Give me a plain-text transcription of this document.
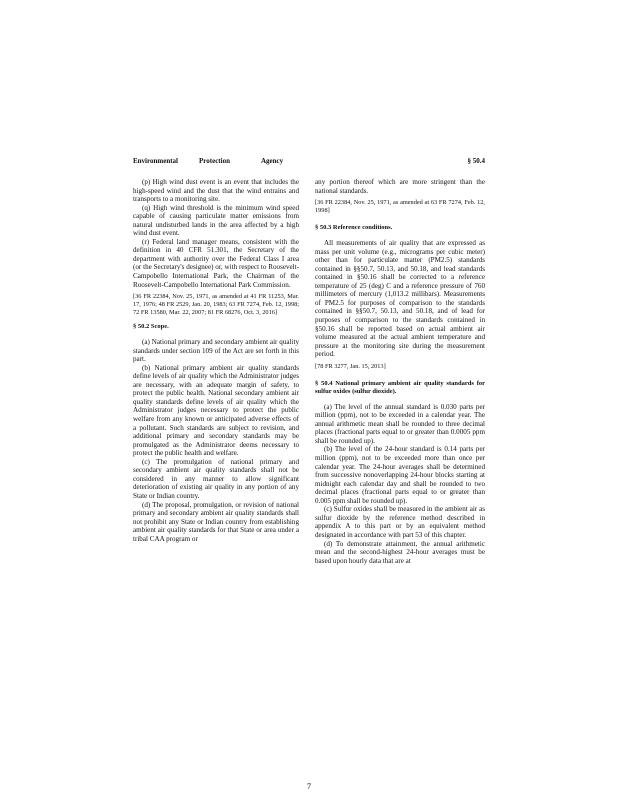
Environmental	Protection	Agency	§ 50.4

(p) High wind dust event is an event that includes the high-speed wind and the dust that the wind entrains and transports to a monitoring site.

(q) High wind threshold is the minimum wind speed capable of causing particulate matter emissions from natural undisturbed lands in the area affected by a high wind dust event.

(r) Federal land manager means, consistent with the definition in 40 CFR 51.301, the Secretary of the department with authority over the Federal Class I area (or the Secretary's designee) or, with respect to Roosevelt-Campobello International Park, the Chairman of the Roosevelt-Campobello International Park Commission.

[36 FR 22384, Nov. 25, 1971, as amended at 41 FR 11253, Mar. 17, 1976; 48 FR 2529, Jan. 20, 1983; 63 FR 7274, Feb. 12, 1998; 72 FR 13580, Mar. 22, 2007; 81 FR 68276, Oct. 3, 2016]

§ 50.2 Scope.

(a) National primary and secondary ambient air quality standards under section 109 of the Act are set forth in this part.

(b) National primary ambient air quality standards define levels of air quality which the Administrator judges are necessary, with an adequate margin of safety, to protect the public health. National secondary ambient air quality standards define levels of air quality which the Administrator judges necessary to protect the public welfare from any known or anticipated adverse effects of a pollutant. Such standards are subject to revision, and additional primary and secondary standards may be promulgated as the Administrator deems necessary to protect the public health and welfare.

(c) The promulgation of national primary and secondary ambient air quality standards shall not be considered in any manner to allow significant deterioration of existing air quality in any portion of any State or Indian country.

(d) The proposal, promulgation, or revision of national primary and secondary ambient air quality standards shall not prohibit any State or Indian country from establishing ambient air quality standards for that State or area under a tribal CAA program or

any portion thereof which are more stringent than the national standards.

[36 FR 22384, Nov. 25, 1971, as amended at 63 FR 7274, Feb. 12, 1998]

§ 50.3 Reference conditions.

All measurements of air quality that are expressed as mass per unit volume (e.g., micrograms per cubic meter) other than for particulate matter (PM2.5) standards contained in §§50.7, 50.13, and 50.18, and lead standards contained in §50.16 shall be corrected to a reference temperature of 25 (deg) C and a reference pressure of 760 millimeters of mercury (1,013.2 millibars). Measurements of PM2.5 for purposes of comparison to the standards contained in §§50.7, 50.13, and 50.18, and of lead for purposes of comparison to the standards contained in §50.16 shall be reported based on actual ambient air volume measured at the actual ambient temperature and pressure at the monitoring site during the measurement period.

[78 FR 3277, Jan. 15, 2013]

§ 50.4 National primary ambient air quality standards for sulfur oxides (sulfur dioxide).

(a) The level of the annual standard is 0.030 parts per million (ppm), not to be exceeded in a calendar year. The annual arithmetic mean shall be rounded to three decimal places (fractional parts equal to or greater than 0.0005 ppm shall be rounded up).

(b) The level of the 24-hour standard is 0.14 parts per million (ppm), not to be exceeded more than once per calendar year. The 24-hour averages shall be determined from successive nonoverlapping 24-hour blocks starting at midnight each calendar day and shall be rounded to two decimal places (fractional parts equal to or greater than 0.005 ppm shall be rounded up).

(c) Sulfur oxides shall be measured in the ambient air as sulfur dioxide by the reference method described in appendix A to this part or by an equivalent method designated in accordance with part 53 of this chapter.

(d) To demonstrate attainment, the annual arithmetic mean and the second-highest 24-hour averages must be based upon hourly data that are at

7
